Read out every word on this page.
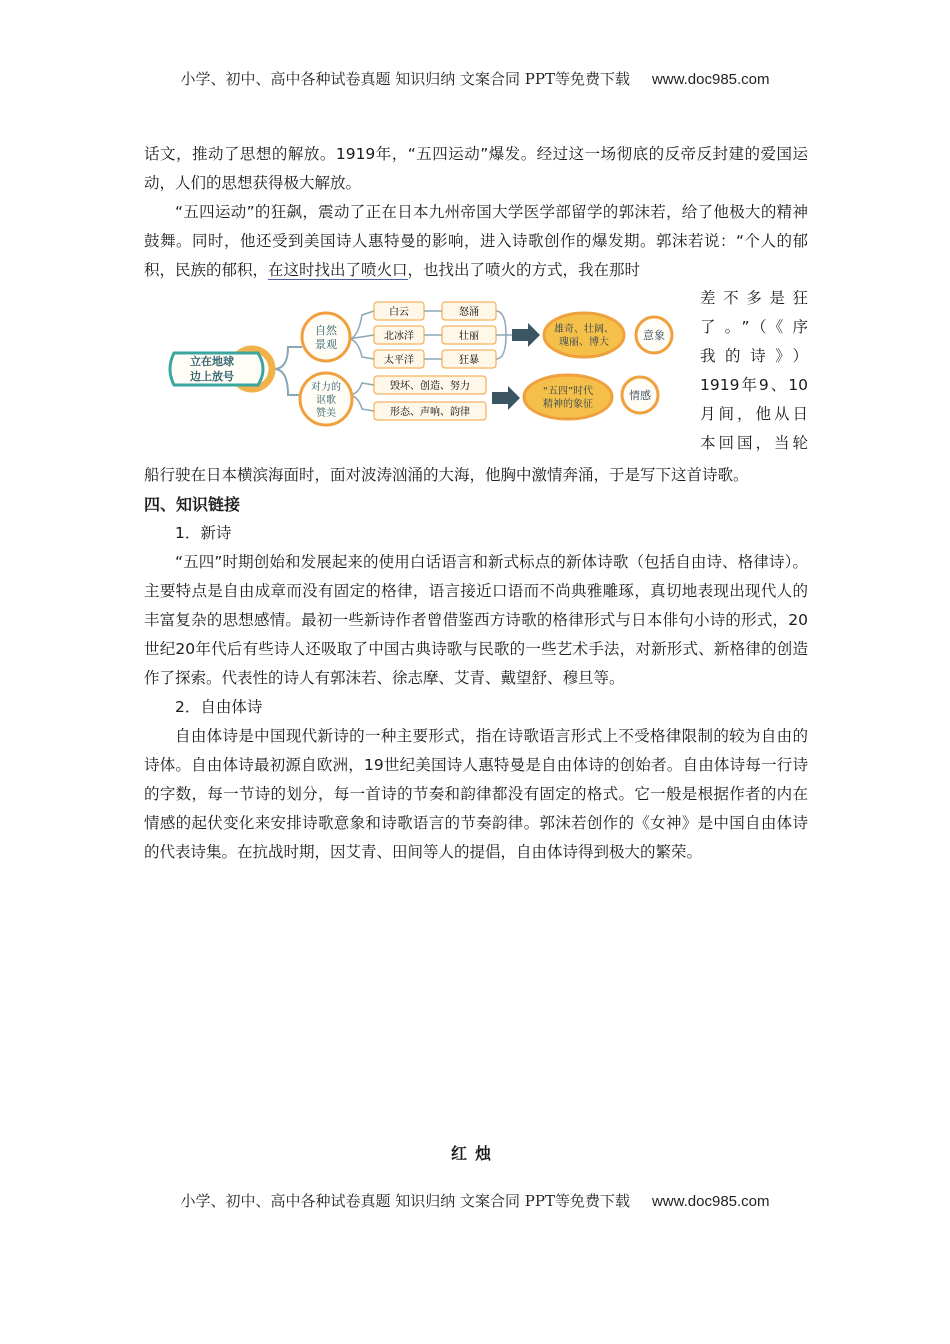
小学、初中、高中各种试卷真题 知识归纳 文案合同 PPT等免费下载 www.doc985.com

话文，推动了思想的解放。1919年，“五四运动”爆发。经过这一场彻底的反帝反封建的爱国运动，人们的思想获得极大解放。

“五四运动”的狂飙，震动了正在日本九州帝国大学医学部留学的郭沫若，给了他极大的精神鼓舞。同时，他还受到美国诗人惠特曼的影响，进入诗歌创作的爆发期。郭沫若说：“个人的郁积，民族的郁积，在这时找出了喷火口，也找出了喷火的方式，我在那时

立在地球
边上放号
自然
景观
白云
北冰洋
太平洋
怒涌
壮丽
狂暴
雄奇、壮阔、
瑰丽、博大
意象
对力的
讴歌
赞美
毁坏、创造、努力
形态、声响、韵律
“五四”时代
精神的象征
情感
差不多是狂
了。”（《序
我的诗》）
1919年9、10
月间，他从日
本回国，当轮

船行驶在日本横滨海面时，面对波涛汹涌的大海，他胸中激情奔涌，于是写下这首诗歌。

四、知识链接

1．新诗

“五四”时期创始和发展起来的使用白话语言和新式标点的新体诗歌（包括自由诗、格律诗）。主要特点是自由成章而没有固定的格律，语言接近口语而不尚典雅雕琢，真切地表现出现代人的丰富复杂的思想感情。最初一些新诗作者曾借鉴西方诗歌的格律形式与日本俳句小诗的形式，20世纪20年代后有些诗人还吸取了中国古典诗歌与民歌的一些艺术手法，对新形式、新格律的创造作了探索。代表性的诗人有郭沫若、徐志摩、艾青、戴望舒、穆旦等。

2．自由体诗

自由体诗是中国现代新诗的一种主要形式，指在诗歌语言形式上不受格律限制的较为自由的诗体。自由体诗最初源自欧洲，19世纪美国诗人惠特曼是自由体诗的创始者。自由体诗每一行诗的字数，每一节诗的划分，每一首诗的节奏和韵律都没有固定的格式。它一般是根据作者的内在情感的起伏变化来安排诗歌意象和诗歌语言的节奏韵律。郭沫若创作的《女神》是中国自由体诗的代表诗集。在抗战时期，因艾青、田间等人的提倡，自由体诗得到极大的繁荣。

红烛
小学、初中、高中各种试卷真题 知识归纳 文案合同 PPT等免费下载 www.doc985.com
